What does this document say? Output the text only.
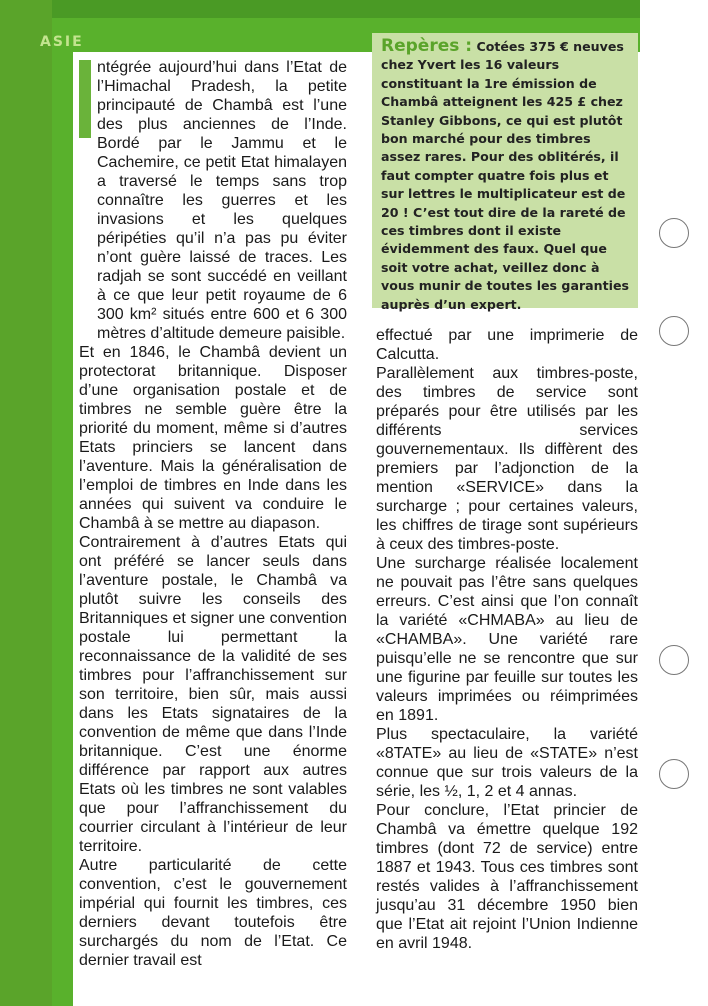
ASIE

ntégrée aujourd’hui dans l’Etat de l’Himachal Pradesh, la petite principauté de Chambâ est l’une des plus anciennes de l’Inde. Bordé par le Jammu et le Cachemire, ce petit Etat himalayen a traversé le temps sans trop connaître les guerres et les invasions et les quelques péripéties qu’il n’a pas pu éviter n’ont guère laissé de traces. Les radjah se sont succédé en veillant à ce que leur petit royaume de 6 300 km² situés entre 600 et 6 300 mètres d’altitude demeure paisible.

Et en 1846, le Chambâ devient un protectorat britannique. Disposer d’une organisation postale et de timbres ne semble guère être la priorité du moment, même si d’autres Etats princiers se lancent dans l’aventure. Mais la généralisation de l’emploi de timbres en Inde dans les années qui suivent va conduire le Chambâ à se mettre au diapason.

Contrairement à d’autres Etats qui ont préféré se lancer seuls dans l’aventure postale, le Chambâ va plutôt suivre les conseils des Britanniques et signer une convention postale lui permettant la reconnaissance de la validité de ses timbres pour l’affranchissement sur son territoire, bien sûr, mais aussi dans les Etats signataires de la convention de même que dans l’Inde britannique. C’est une énorme différence par rapport aux autres Etats où les timbres ne sont valables que pour l’affranchissement du courrier circulant à l’intérieur de leur territoire.

Autre particularité de cette convention, c’est le gouvernement impérial qui fournit les timbres, ces derniers devant toutefois être surchargés du nom de l’Etat. Ce dernier travail est

effectué par une imprimerie de Calcutta.

Parallèlement aux timbres-poste, des timbres de service sont préparés pour être utilisés par les différents services gouvernementaux. Ils diffèrent des premiers par l’adjonction de la mention «SERVICE» dans la surcharge ; pour certaines valeurs, les chiffres de tirage sont supérieurs à ceux des timbres-poste.

Une surcharge réalisée localement ne pouvait pas l’être sans quelques erreurs. C’est ainsi que l’on connaît la variété «CHMABA» au lieu de «CHAMBA». Une variété rare puisqu’elle ne se rencontre que sur une figurine par feuille sur toutes les valeurs imprimées ou réimprimées en 1891.

Plus spectaculaire, la variété «8TATE» au lieu de «STATE» n’est connue que sur trois valeurs de la série, les ½, 1, 2 et 4 annas.

Pour conclure, l’Etat princier de Chambâ va émettre quelque 192 timbres (dont 72 de service) entre 1887 et 1943. Tous ces timbres sont restés valides à l’affranchissement jusqu’au 31 décembre 1950 bien que l’Etat ait rejoint l’Union Indienne en avril 1948.

Repères : Cotées 375 € neuves chez Yvert les 16 valeurs constituant la 1re émission de Chambâ atteignent les 425 £ chez Stanley Gibbons, ce qui est plutôt bon marché pour des timbres assez rares. Pour des oblitérés, il faut compter quatre fois plus et sur lettres le multiplicateur est de 20 ! C’est tout dire de la rareté de ces timbres dont il existe évidemment des faux. Quel que soit votre achat, veillez donc à vous munir de toutes les garanties auprès d’un expert.
